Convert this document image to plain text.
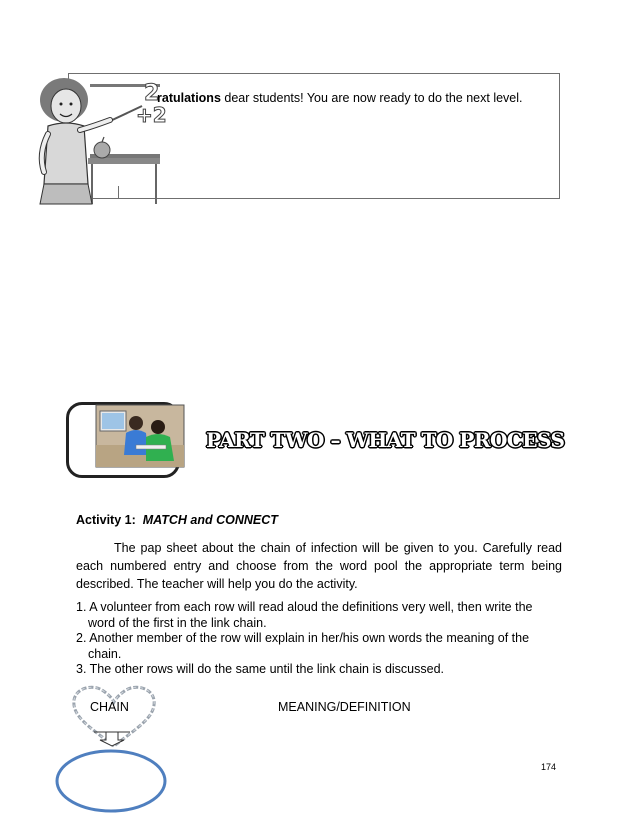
2
+2
ratulations dear students! You are now ready to do the next level.
PART TWO – WHAT TO PROCESS
Activity 1: MATCH and CONNECT
The pap sheet about the chain of infection will be given to you. Carefully read each numbered entry and choose from the word pool the appropriate term being described. The teacher will help you do the activity.
1. A volunteer from each row will read aloud the definitions very well, then write the word of the first in the link chain.
2. Another member of the row will explain in her/his own words the meaning of the chain.
3. The other rows will do the same until the link chain is discussed.
CHAIN	MEANING/DEFINITION
174
